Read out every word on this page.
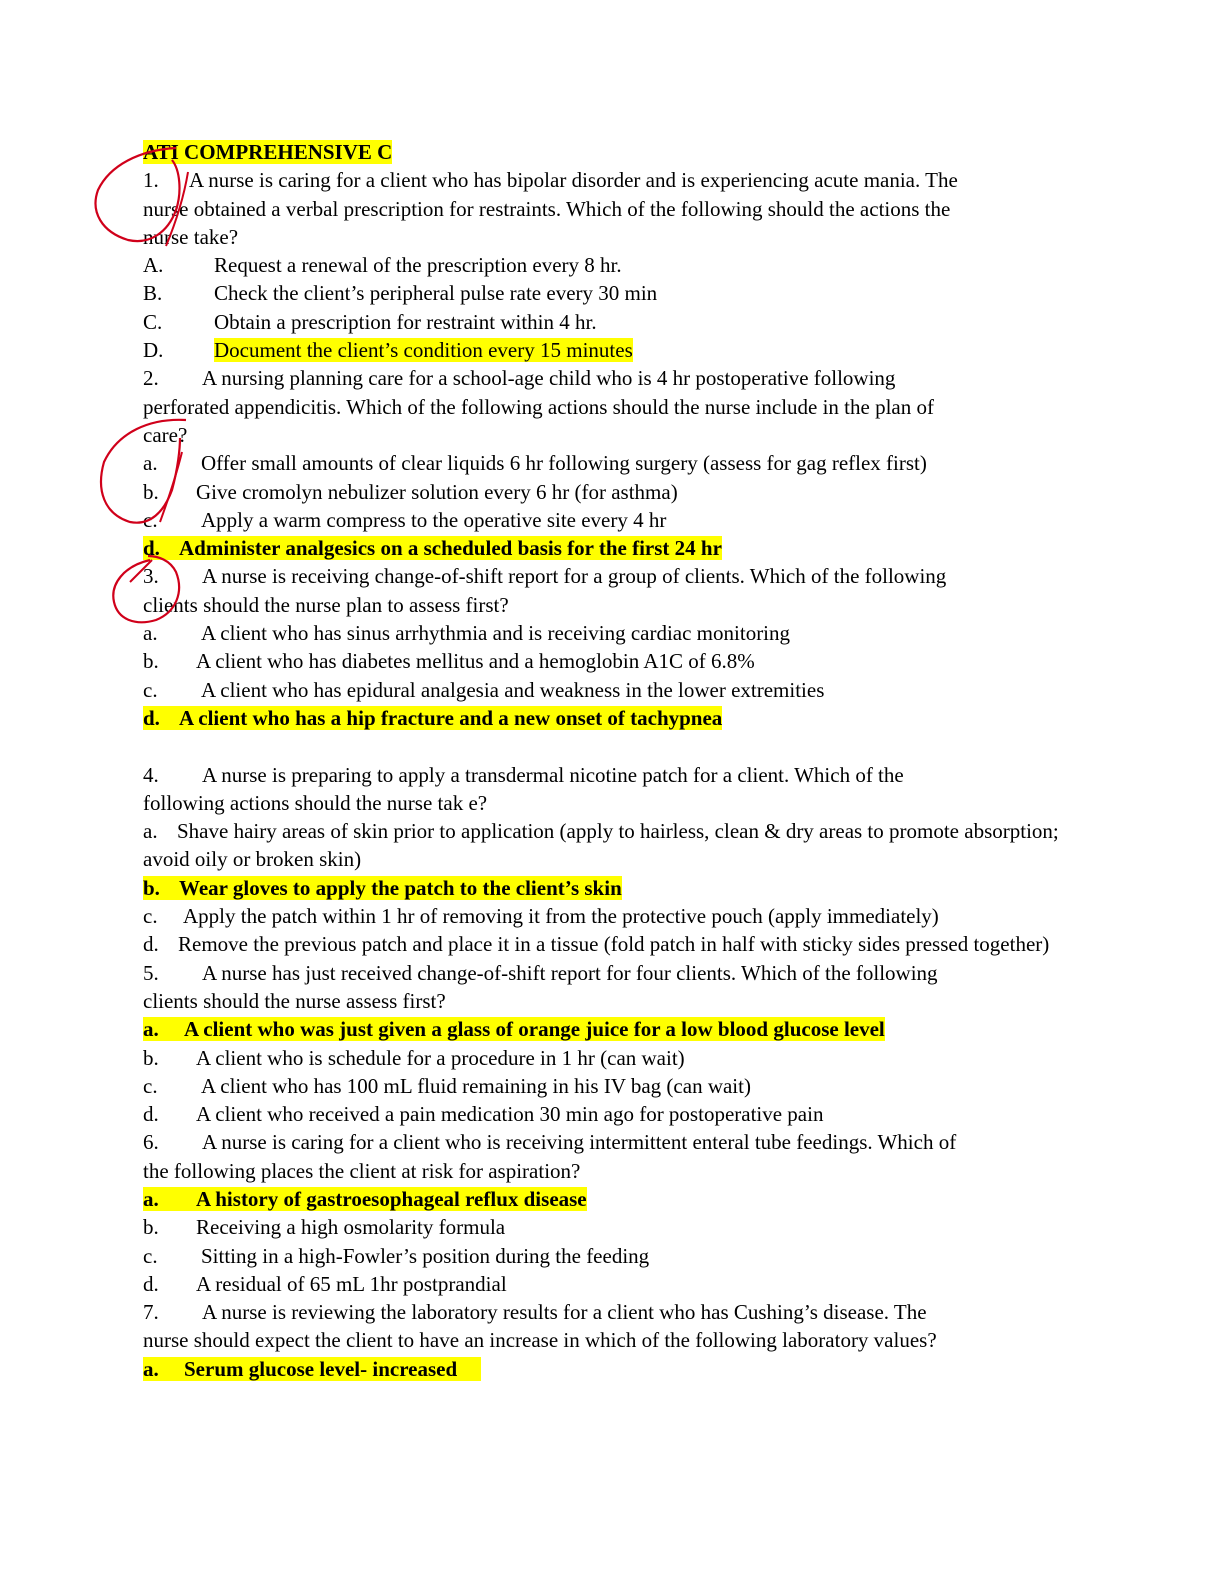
ATI COMPREHENSIVE C
1. A nurse is caring for a client who has bipolar disorder and is experiencing acute mania. The
nurse obtained a verbal prescription for restraints. Which of the following should the actions the
nurse take?
A. Request a renewal of the prescription every 8 hr.
B. Check the client’s peripheral pulse rate every 30 min
C. Obtain a prescription for restraint within 4 hr.
D. Document the client’s condition every 15 minutes
2. A nursing planning care for a school-age child who is 4 hr postoperative following
perforated appendicitis. Which of the following actions should the nurse include in the plan of
care?
a. Offer small amounts of clear liquids 6 hr following surgery (assess for gag reflex first)
b. Give cromolyn nebulizer solution every 6 hr (for asthma)
c. Apply a warm compress to the operative site every 4 hr
d. Administer analgesics on a scheduled basis for the first 24 hr
3. A nurse is receiving change-of-shift report for a group of clients. Which of the following
clients should the nurse plan to assess first?
a. A client who has sinus arrhythmia and is receiving cardiac monitoring
b. A client who has diabetes mellitus and a hemoglobin A1C of 6.8%
c. A client who has epidural analgesia and weakness in the lower extremities
d. A client who has a hip fracture and a new onset of tachypnea
4. A nurse is preparing to apply a transdermal nicotine patch for a client. Which of the
following actions should the nurse tak e?
a. Shave hairy areas of skin prior to application (apply to hairless, clean & dry areas to promote absorption; avoid oily or broken skin)
b. Wear gloves to apply the patch to the client’s skin
c. Apply the patch within 1 hr of removing it from the protective pouch (apply immediately)
d. Remove the previous patch and place it in a tissue (fold patch in half with sticky sides pressed together)
5. A nurse has just received change-of-shift report for four clients. Which of the following
clients should the nurse assess first?
a. A client who was just given a glass of orange juice for a low blood glucose level
b. A client who is schedule for a procedure in 1 hr (can wait)
c. A client who has 100 mL fluid remaining in his IV bag (can wait)
d. A client who received a pain medication 30 min ago for postoperative pain
6. A nurse is caring for a client who is receiving intermittent enteral tube feedings. Which of
the following places the client at risk for aspiration?
a. A history of gastroesophageal reflux disease
b. Receiving a high osmolarity formula
c. Sitting in a high-Fowler’s position during the feeding
d. A residual of 65 mL 1hr postprandial
7. A nurse is reviewing the laboratory results for a client who has Cushing’s disease. The
nurse should expect the client to have an increase in which of the following laboratory values?
a. Serum glucose level- increased
